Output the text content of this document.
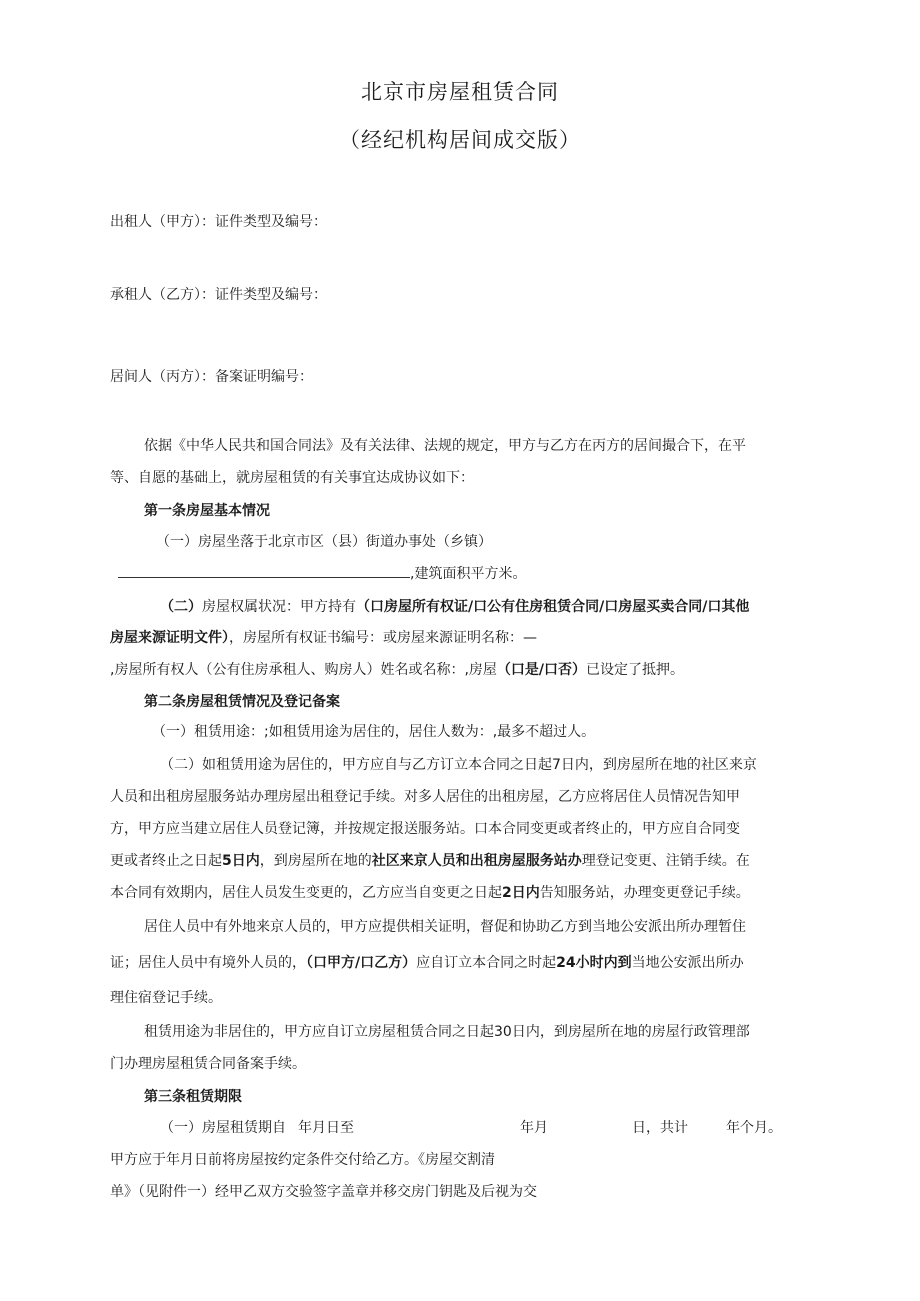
北京市房屋租赁合同
（经纪机构居间成交版）
出租人（甲方）：证件类型及编号：
承租人（乙方）：证件类型及编号：
居间人（丙方）：备案证明编号：
依据《中华人民共和国合同法》及有关法律、法规的规定，甲方与乙方在丙方的居间撮合下，在平
等、自愿的基础上，就房屋租赁的有关事宜达成协议如下：
第一条房屋基本情况
（一）房屋坐落于北京市区（县）街道办事处（乡镇）
,建筑面积平方米。
（二）房屋权属状况：甲方持有（口房屋所有权证/口公有住房租赁合同/口房屋买卖合同/口其他
房屋来源证明文件），房屋所有权证书编号：或房屋来源证明名称：—
,房屋所有权人（公有住房承租人、购房人）姓名或名称：,房屋（口是/口否）已设定了抵押。
第二条房屋租赁情况及登记备案
（一）租赁用途：;如租赁用途为居住的，居住人数为：,最多不超过人。
（二）如租赁用途为居住的，甲方应自与乙方订立本合同之日起7日内，到房屋所在地的社区来京
人员和出租房屋服务站办理房屋出租登记手续。对多人居住的出租房屋，乙方应将居住人员情况告知甲
方，甲方应当建立居住人员登记簿，并按规定报送服务站。口本合同变更或者终止的，甲方应自合同变
更或者终止之日起5日内，到房屋所在地的社区来京人员和出租房屋服务站办理登记变更、注销手续。在
本合同有效期内，居住人员发生变更的，乙方应当自变更之日起2日内告知服务站，办理变更登记手续。
居住人员中有外地来京人员的，甲方应提供相关证明，督促和协助乙方到当地公安派出所办理暂住
证；居住人员中有境外人员的，（口甲方/口乙方）应自订立本合同之时起24小时内到当地公安派出所办
理住宿登记手续。
租赁用途为非居住的，甲方应自订立房屋租赁合同之日起30日内，到房屋所在地的房屋行政管理部
门办理房屋租赁合同备案手续。
第三条租赁期限
（一）房屋租赁期自 年月日至	年月	日，共计	年个月。
甲方应于年月日前将房屋按约定条件交付给乙方。《房屋交割清
单》（见附件一）经甲乙双方交验签字盖章并移交房门钥匙及后视为交
